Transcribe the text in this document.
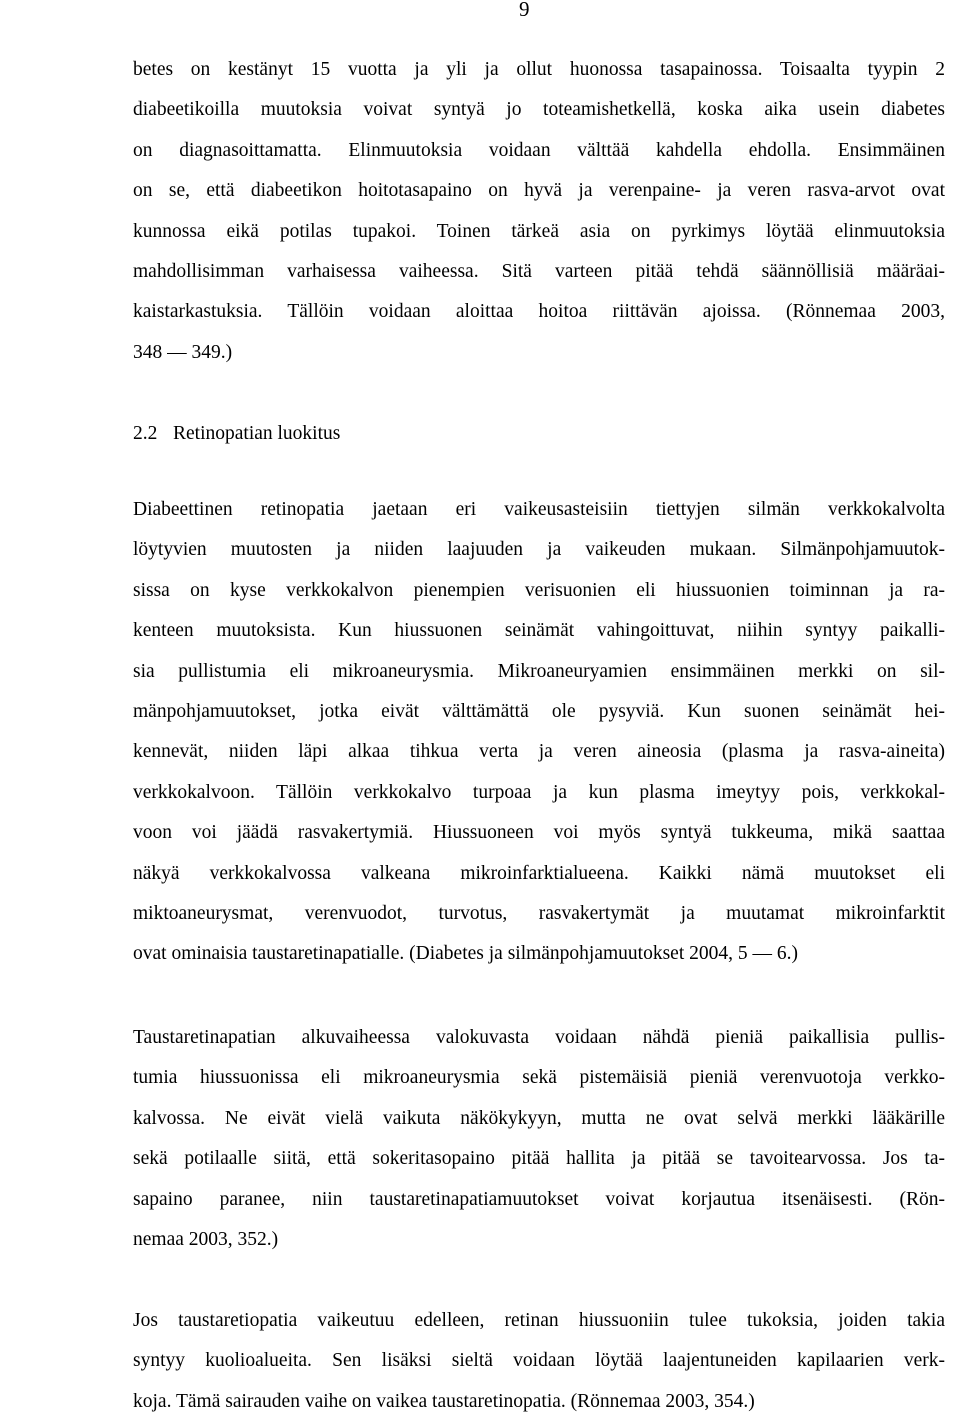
9
betes on kestänyt 15 vuotta ja yli ja ollut huonossa tasapainossa. Toisaalta tyypin 2
diabeetikoilla muutoksia voivat syntyä jo toteamishetkellä, koska aika usein diabetes
on diagnasoittamatta. Elinmuutoksia voidaan välttää kahdella ehdolla. Ensimmäinen
on se, että diabeetikon hoitotasapaino on hyvä ja verenpaine- ja veren rasva-arvot ovat
kunnossa eikä potilas tupakoi. Toinen tärkeä asia on pyrkimys löytää elinmuutoksia
mahdollisimman varhaisessa vaiheessa. Sitä varteen pitää tehdä säännöllisiä määräai-
kaistarkastuksia. Tällöin voidaan aloittaa hoitoa riittävän ajoissa. (Rönnemaa 2003,
348 — 349.)
2.2 Retinopatian luokitus
Diabeettinen retinopatia jaetaan eri vaikeusasteisiin tiettyjen silmän verkkokalvolta
löytyvien muutosten ja niiden laajuuden ja vaikeuden mukaan. Silmänpohjamuutok-
sissa on kyse verkkokalvon pienempien verisuonien eli hiussuonien toiminnan ja ra-
kenteen muutoksista. Kun hiussuonen seinämät vahingoittuvat, niihin syntyy paikalli-
sia pullistumia eli mikroaneurysmia. Mikroaneuryamien ensimmäinen merkki on sil-
mänpohjamuutokset, jotka eivät välttämättä ole pysyviä. Kun suonen seinämät hei-
kennevät, niiden läpi alkaa tihkua verta ja veren aineosia (plasma ja rasva-aineita)
verkkokalvoon. Tällöin verkkokalvo turpoaa ja kun plasma imeytyy pois, verkkokal-
voon voi jäädä rasvakertymiä. Hiussuoneen voi myös syntyä tukkeuma, mikä saattaa
näkyä verkkokalvossa valkeana mikroinfarktialueena. Kaikki nämä muutokset eli
miktoaneurysmat, verenvuodot, turvotus, rasvakertymät ja muutamat mikroinfarktit
ovat ominaisia taustaretinapatialle. (Diabetes ja silmänpohjamuutokset 2004, 5 — 6.)
Taustaretinapatian alkuvaiheessa valokuvasta voidaan nähdä pieniä paikallisia pullis-
tumia hiussuonissa eli mikroaneurysmia sekä pistemäisiä pieniä verenvuotoja verkko-
kalvossa. Ne eivät vielä vaikuta näkökykyyn, mutta ne ovat selvä merkki lääkärille
sekä potilaalle siitä, että sokeritasopaino pitää hallita ja pitää se tavoitearvossa. Jos ta-
sapaino paranee, niin taustaretinapatiamuutokset voivat korjautua itsenäisesti. (Rön-
nemaa 2003, 352.)
Jos taustaretiopatia vaikeutuu edelleen, retinan hiussuoniin tulee tukoksia, joiden takia
syntyy kuolioalueita. Sen lisäksi sieltä voidaan löytää laajentuneiden kapilaarien verk-
koja. Tämä sairauden vaihe on vaikea taustaretinopatia. (Rönnemaa 2003, 354.)
